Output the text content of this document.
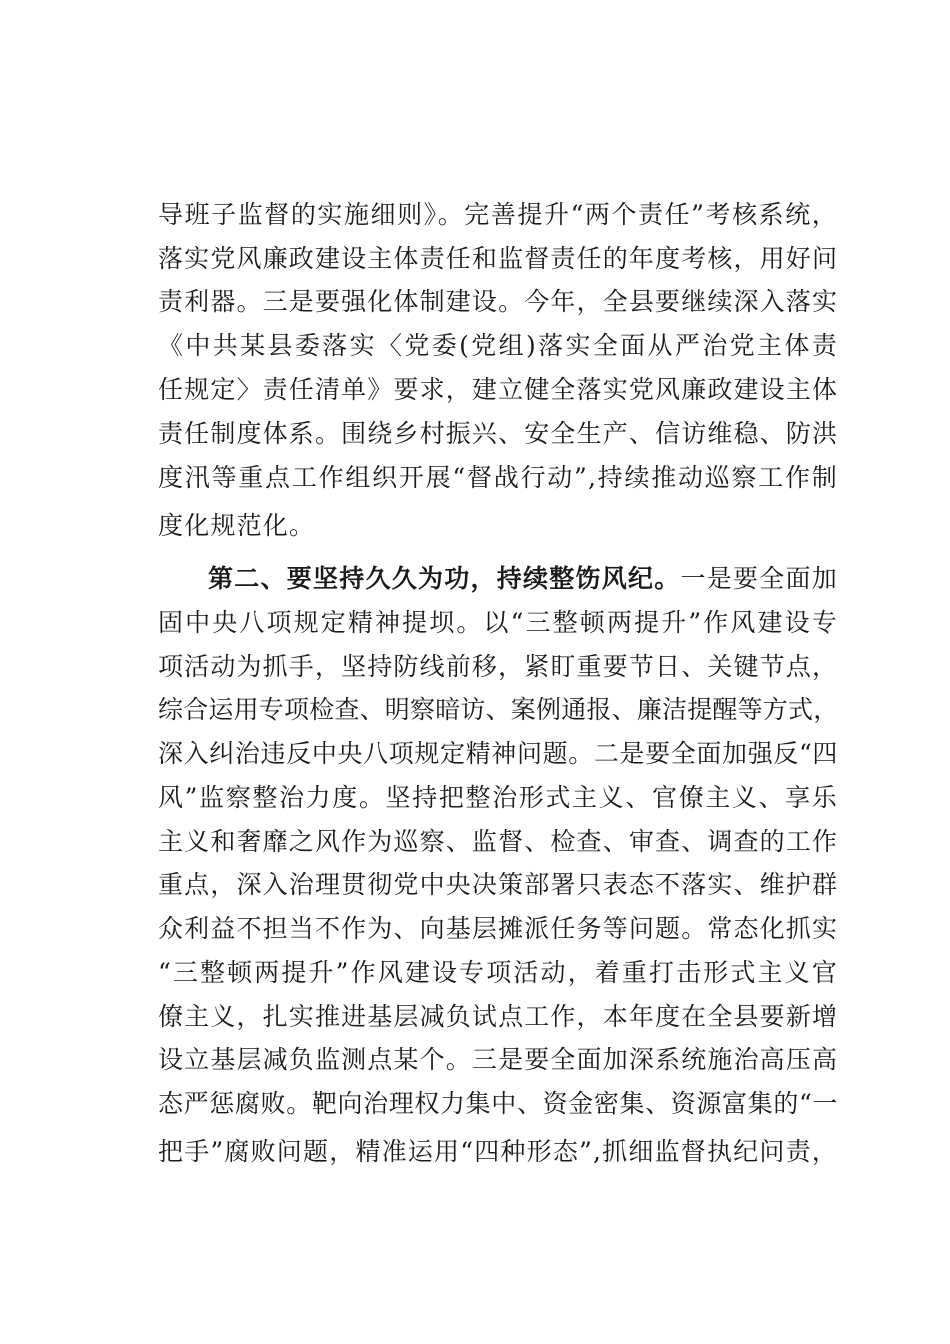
导班子监督的实施细则》。完善提升“两个责任”考核系统，
落实党风廉政建设主体责任和监督责任的年度考核，用好问
责利器。三是要强化体制建设。今年，全县要继续深入落实
《中共某县委落实〈党委(党组)落实全面从严治党主体责
任规定〉责任清单》要求，建立健全落实党风廉政建设主体
责任制度体系。围绕乡村振兴、安全生产、信访维稳、防洪
度汛等重点工作组织开展“督战行动”,持续推动巡察工作制
度化规范化。
第二、要坚持久久为功，持续整饬风纪。一是要全面加
固中央八项规定精神提坝。以“三整顿两提升”作风建设专
项活动为抓手，坚持防线前移，紧盯重要节日、关键节点，
综合运用专项检查、明察暗访、案例通报、廉洁提醒等方式，
深入纠治违反中央八项规定精神问题。二是要全面加强反“四
风”监察整治力度。坚持把整治形式主义、官僚主义、享乐
主义和奢靡之风作为巡察、监督、检查、审查、调查的工作
重点，深入治理贯彻党中央决策部署只表态不落实、维护群
众利益不担当不作为、向基层摊派任务等问题。常态化抓实
“三整顿两提升”作风建设专项活动，着重打击形式主义官
僚主义，扎实推进基层减负试点工作，本年度在全县要新增
设立基层减负监测点某个。三是要全面加深系统施治高压高
态严惩腐败。靶向治理权力集中、资金密集、资源富集的“一
把手”腐败问题，精准运用“四种形态”,抓细监督执纪问责，
